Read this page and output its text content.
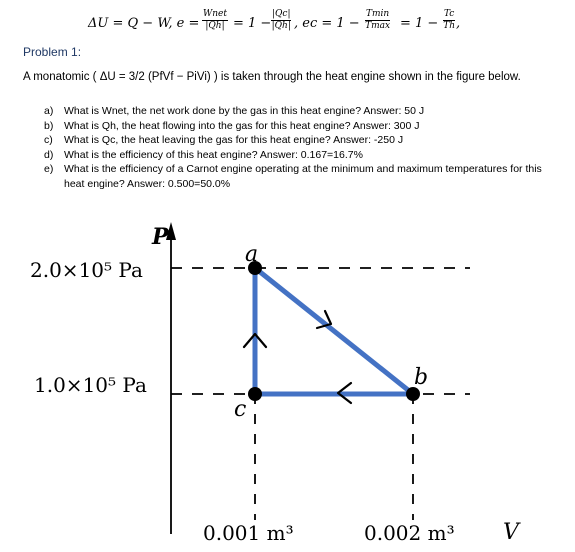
ΔU = Q − W, e =
Wnet
$|Qh| = 1 - \frac{|Qc|}{|Qh|}$ , ec = 1 −
Tmin
$Tmax = 1 - \frac{Tc}{Th}$ ,
Problem 1:
A monatomic ( ΔU = 3/2 (PfVf − PiVi) ) is taken through the heat engine shown in the figure below.
a) What is Wnet, the net work done by the gas in this heat engine? Answer: 50 J
b) What is Qh, the heat flowing into the gas for this heat engine? Answer: 300 J
c) What is Qc, the heat leaving the gas for this heat engine? Answer: -250 J
d) What is the efficiency of this heat engine? Answer: 0.167=16.7%
e) What is the efficiency of a Carnot engine operating at the minimum and maximum temperatures for this heat engine? Answer: 0.500=50.0%
P
V
2.0×10⁵ Pa
1.0×10⁵ Pa
0.001 m³	0.002 m³
a
b
c
